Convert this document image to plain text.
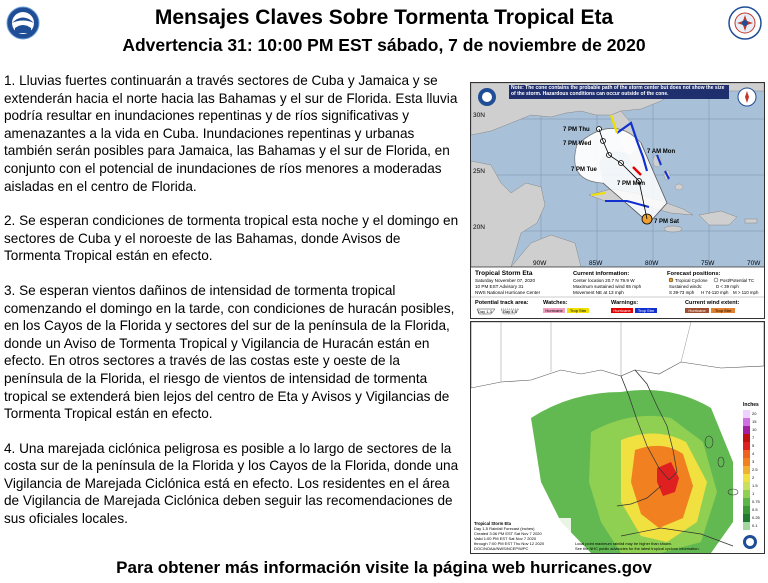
Mensajes Claves Sobre Tormenta Tropical Eta
Advertencia 31: 10:00 PM EST sábado, 7 de noviembre de 2020

1. Lluvias fuertes continuarán a través sectores de Cuba y Jamaica y se extenderán hacia el norte hacia las Bahamas y el sur de Florida. Esta lluvia podría resultar en inundaciones repentinas y de ríos significativas y amenazantes a la vida en Cuba. Inundaciones repentinas y urbanas también serán posibles para Jamaica, las Bahamas y el sur de Florida, en conjunto con el potencial de inundaciones de ríos menores a moderadas aisladas en el centro de Florida.

2. Se esperan condiciones de tormenta tropical esta noche y el domingo en sectores de Cuba y el noroeste de las Bahamas, donde Avisos de Tormenta Tropical están en efecto.

3. Se esperan vientos dañinos de intensidad de tormenta tropical comenzando el domingo en la tarde, con condiciones de huracán posibles, en los Cayos de la Florida y sectores del sur de la península de la Florida, donde un Aviso de Tormenta Tropical y Vigilancia de Huracán están en efecto. En otros sectores a través de las costas este y oeste de la península de la Florida, el riesgo de vientos de intensidad de tormenta tropical se extenderá bien lejos del centro de Eta y Avisos y Vigilancias de Tormenta Tropical están en efecto.

4. Una marejada ciclónica peligrosa es posible a lo largo de sectores de la costa sur de la península de la Florida y los Cayos de la Florida, donde una Vigilancia de Marejada Ciclónica está en efecto. Los residentes en el área de Vigilancia de Marejada Ciclónica deben seguir las recomendaciones de sus oficiales locales.

30N
25N
20N
90W	85W	80W	75W	70W
7 PM Thu
7 PM Wed
7 PM Tue
7 PM Mon
7 AM Mon
7 PM Sat
Note: The cone contains the probable path of the storm center but does not show the size of the storm. Hazardous conditions can occur outside of the cone.
Tropical Storm Eta
Saturday November 07, 2020
10 PM EST Advisory 31
NWS National Hurricane Center
Current information:
Center location 20.7 N 79.9 W
Maximum sustained wind 65 mph
Movement NE at 13 mph
Forecast positions:
Tropical Cyclone	Post/Potential TC
Sustained winds:	D < 39 mph
S 39-73 mph H 74-110 mph M > 110 mph
Potential track area:
Day 1-3	Day 4-5
Watches:
Hurricane Trop Stm
Warnings:
Hurricane Trop Stm
Current wind extent:
Hurricane Trop Stm
Inches
20
15
10
7
5
4
3
2.5
2
1.5
1
0.75
0.5
0.25
0.1
Tropical Storm Eta
Day 1-5 Rainfall Forecast (inches)
Created 3:36 PM EST Sat Nov 7 2020
Valid 1:00 PM EST Sat Nov 7 2020
through 7:00 PM EST Thu Nov 12 2020
DOC/NOAA/NWS/NCEP/WPC
Local point maximum rainfall may be higher than shown.
See the NHC public advisories for the latest tropical cyclone information.
Para obtener más información visite la página web hurricanes.gov
